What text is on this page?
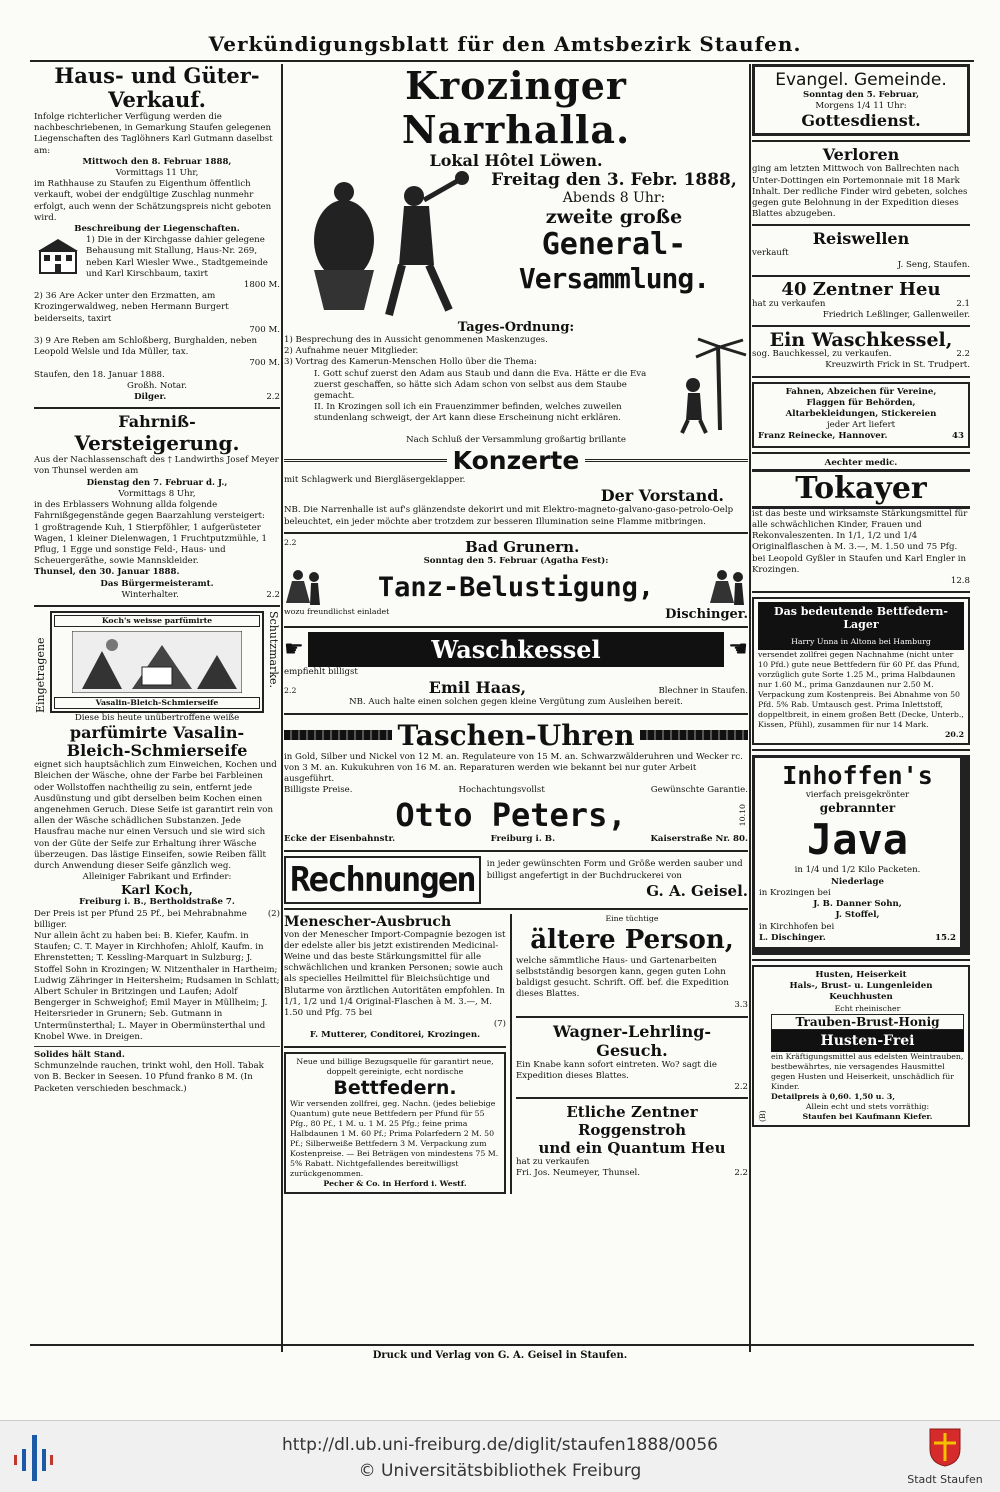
Verkündigungsblatt für den Amtsbezirk Staufen.
Haus- und Güter-
Verkauf.
Infolge richterlicher Verfügung werden die nachbeschriebenen, in Gemarkung Staufen gelegenen Liegenschaften des Taglöhners Karl Gutmann daselbst am:
Mittwoch den 8. Februar 1888,
Vormittags 11 Uhr,
im Rathhause zu Staufen zu Eigenthum öffentlich verkauft, wobei der endgültige Zuschlag nunmehr erfolgt, auch wenn der Schätzungspreis nicht geboten wird.
Beschreibung der Liegenschaften.
1) Die in der Kirchgasse dahier gelegene Behausung mit Stallung, Haus-Nr. 269, neben Karl Wiesler Wwe., Stadtgemeinde und Karl Kirschbaum, taxirt
1800 M.
2) 36 Are Acker unter den Erzmatten, am Krozingerwaldweg, neben Hermann Burgert beiderseits, taxirt
700 M.
3) 9 Are Reben am Schloßberg, Burghalden, neben Leopold Welsle und Ida Müller, tax.
700 M.
Staufen, den 18. Januar 1888.
Großh. Notar.
Dilger.	2.2
Fahrniß-
Versteigerung.
Aus der Nachlassenschaft des † Landwirths Josef Meyer von Thunsel werden am
Dienstag den 7. Februar d. J.,
Vormittags 8 Uhr,
in des Erblassers Wohnung allda folgende Fahrnißgegenstände gegen Baarzahlung versteigert:
1 großtragende Kuh, 1 Stierpföhler, 1 aufgerüsteter Wagen, 1 kleiner Dielenwagen, 1 Fruchtputzmühle, 1 Pflug, 1 Egge und sonstige Feld-, Haus- und Scheuergeräthe, sowie Mannskleider.
Thunsel, den 30. Januar 1888.
Das Bürgermeisteramt.
Winterhalter.	2.2
Eingetragene
Koch's weisse parfümirte
Vasalin-Bleich-Schmierseife
Schutzmarke.
Diese bis heute unübertroffene weiße
parfümirte Vasalin-
Bleich-Schmierseife
eignet sich hauptsächlich zum Einweichen, Kochen und Bleichen der Wäsche, ohne der Farbe bei Farbleinen oder Wollstoffen nachtheilig zu sein, entfernt jede Ausdünstung und gibt derselben beim Kochen einen angenehmen Geruch. Diese Seife ist garantirt rein von allen der Wäsche schädlichen Substanzen. Jede Hausfrau mache nur einen Versuch und sie wird sich von der Güte der Seife zur Erhaltung ihrer Wäsche überzeugen. Das lästige Einseifen, sowie Reiben fällt durch Anwendung dieser Seife gänzlich weg.
Alleiniger Fabrikant und Erfinder:
Karl Koch,
Freiburg i. B., Bertholdstraße 7.
Der Preis ist per Pfund 25 Pf., bei Mehrabnahme billiger.
(2)
Nur allein ächt zu haben bei: B. Kiefer, Kaufm. in Staufen; C. T. Mayer in Kirchhofen; Ahlolf, Kaufm. in Ehrenstetten; T. Kessling-Marquart in Sulzburg; J. Stoffel Sohn in Krozingen; W. Nitzenthaler in Hartheim; Ludwig Zähringer in Heitersheim; Rudsamen in Schlatt; Albert Schuler in Britzingen und Laufen; Adolf Bengerger in Schweighof; Emil Mayer in Müllheim; J. Heitersrieder in Grunern; Seb. Gutmann in Untermünsterthal; L. Mayer in Obermünsterthal und Knobel Wwe. in Dreigen.
Solides hält Stand.
Schmunzelnde rauchen, trinkt wohl, den Holl. Tabak von B. Becker in Seesen. 10 Pfund franko 8 M. (In Packeten verschieden beschmack.)
Krozinger Narrhalla.
Lokal Hôtel Löwen.
Freitag den 3. Febr. 1888,
Abends 8 Uhr:
zweite große
General-
Versammlung.
Tages-Ordnung:
1) Besprechung des in Aussicht genommenen Maskenzuges.
2) Aufnahme neuer Mitglieder.
3) Vortrag des Kamerun-Menschen Hollo über die Thema:
I. Gott schuf zuerst den Adam aus Staub und dann die Eva. Hätte er die Eva zuerst geschaffen, so hätte sich Adam schon von selbst aus dem Staube gemacht.
II. In Krozingen soll ich ein Frauenzimmer befinden, welches zuweilen stundenlang schweigt, der Art kann diese Erscheinung nicht erklären.
Nach Schluß der Versammlung großartig brillante
Konzerte
mit Schlagwerk und Biergläsergeklapper.
Der Vorstand.
NB. Die Narrenhalle ist auf's glänzendste dekorirt und mit Elektro-magneto-galvano-gaso-petrolo-Oelp beleuchtet, ein jeder möchte aber trotzdem zur besseren Illumination seine Flamme mitbringen.
2.2	Bad Grunern.
Sonntag den 5. Februar (Agatha Fest):
Tanz-Belustigung,
wozu freundlichst einladet	Dischinger.
☛	Waschkessel	☚
empfiehlt billigst
2.2	Emil Haas,	Blechner in Staufen.
NB. Auch halte einen solchen gegen kleine Vergütung zum Ausleihen bereit.
Taschen-Uhren
in Gold, Silber und Nickel von 12 M. an. Regulateure von 15 M. an. Schwarzwälderuhren und Wecker rc. von 3 M. an. Kukukuhren von 16 M. an. Reparaturen werden wie bekannt bei nur guter Arbeit ausgeführt.
Billigste Preise.	Hochachtungsvollst	Gewünschte Garantie.
Otto Peters,	10.10
Ecke der Eisenbahnstr.	Freiburg i. B.	Kaiserstraße Nr. 80.
Rechnungen	in jeder gewünschten Form und Größe werden sauber und billigst angefertigt in der Buchdruckerei von
G. A. Geisel.
Menescher-Ausbruch
von der Menescher Import-Compagnie bezogen ist der edelste aller bis jetzt existirenden Medicinal-Weine und das beste Stärkungsmittel für alle schwächlichen und kranken Personen; sowie auch als specielles Heilmittel für Bleichsüchtige und Blutarme von ärztlichen Autoritäten empfohlen. In 1/1, 1/2 und 1/4 Original-Flaschen à M. 3.—, M. 1.50 und Pfg. 75 bei
(7)
F. Mutterer, Conditorei, Krozingen.
Neue und billige Bezugsquelle für garantirt neue, doppelt gereinigte, echt nordische
Bettfedern.
Wir versenden zollfrei, geg. Nachn. (jedes beliebige Quantum) gute neue Bettfedern per Pfund für 55 Pfg., 80 Pf., 1 M. u. 1 M. 25 Pfg.; feine prima Halbdaunen 1 M. 60 Pf.; Prima Polarfedern 2 M. 50 Pf.; Silberweiße Bettfedern 3 M. Verpackung zum Kostenpreise. — Bei Beträgen von mindestens 75 M. 5% Rabatt. Nichtgefallendes bereitwilligst zurückgenommen.
Pecher & Co. in Herford i. Westf.
Eine tüchtige
ältere Person,
welche sämmtliche Haus- und Gartenarbeiten selbstständig besorgen kann, gegen guten Lohn baldigst gesucht. Schrift. Off. bef. die Expedition dieses Blattes.
3.3
Wagner-Lehrling-
Gesuch.
Ein Knabe kann sofort eintreten. Wo? sagt die Expedition dieses Blattes.
2.2
Etliche Zentner Roggenstroh
und ein Quantum Heu
hat zu verkaufen
Fri. Jos. Neumeyer, Thunsel.	2.2
Evangel. Gemeinde.
Sonntag den 5. Februar,
Morgens 1/4 11 Uhr:
Gottesdienst.
Verloren
ging am letzten Mittwoch von Ballrechten nach Unter-Dottingen ein Portemonnaie mit 18 Mark Inhalt. Der redliche Finder wird gebeten, solches gegen gute Belohnung in der Expedition dieses Blattes abzugeben.
Reiswellen
verkauft
J. Seng, Staufen.
40 Zentner Heu
hat zu verkaufen	2.1
Friedrich Leßlinger, Gallenweiler.
Ein Waschkessel,
sog. Bauchkessel, zu verkaufen.	2.2
Kreuzwirth Frick in St. Trudpert.
Fahnen, Abzeichen für Vereine,
Flaggen für Behörden,
Altarbekleidungen, Stickereien
jeder Art liefert
Franz Reinecke, Hannover.	43
Aechter medic.
Tokayer
ist das beste und wirksamste Stärkungsmittel für alle schwächlichen Kinder, Frauen und Rekonvaleszenten. In 1/1, 1/2 und 1/4 Originalflaschen à M. 3.—, M. 1.50 und 75 Pfg. bei Leopold Gyßler in Staufen und Karl Engler in Krozingen.
12.8
Das bedeutende Bettfedern-Lager
Harry Unna in Altona bei Hamburg
versendet zollfrei gegen Nachnahme (nicht unter 10 Pfd.) gute neue Bettfedern für 60 Pf. das Pfund, vorzüglich gute Sorte 1.25 M., prima Halbdaunen nur 1.60 M., prima Ganzdaunen nur 2.50 M. Verpackung zum Kostenpreis. Bei Abnahme von 50 Pfd. 5% Rab. Umtausch gest. Prima Inlettstoff, doppeltbreit, in einem großen Bett (Decke, Unterb., Kissen, Pfühl), zusammen für nur 14 Mark.
20.2
Inhoffen's
vierfach preisgekrönter
gebrannter
Java
in 1/4 und 1/2 Kilo Packeten.
Niederlage
in Krozingen bei
J. B. Danner Sohn,
J. Stoffel,
in Kirchhofen bei
L. Dischinger.	15.2
Husten, Heiserkeit
Hals-, Brust- u. Lungenleiden
Keuchhusten
(B)
Echt rheinischer
Trauben-Brust-Honig
Husten-Frei
ein Kräftigungsmittel aus edelsten Weintrauben, bestbewährtes, nie versagendes Hausmittel gegen Husten und Heiserkeit, unschädlich für Kinder.
Detailpreis à 0,60. 1,50 u. 3,
Allein echt und stets vorräthig:
Staufen bei Kaufmann Kiefer.
Druck und Verlag von G. A. Geisel in Staufen.
http://dl.ub.uni-freiburg.de/diglit/staufen1888/0056
© Universitätsbibliothek Freiburg	Stadt Staufen
